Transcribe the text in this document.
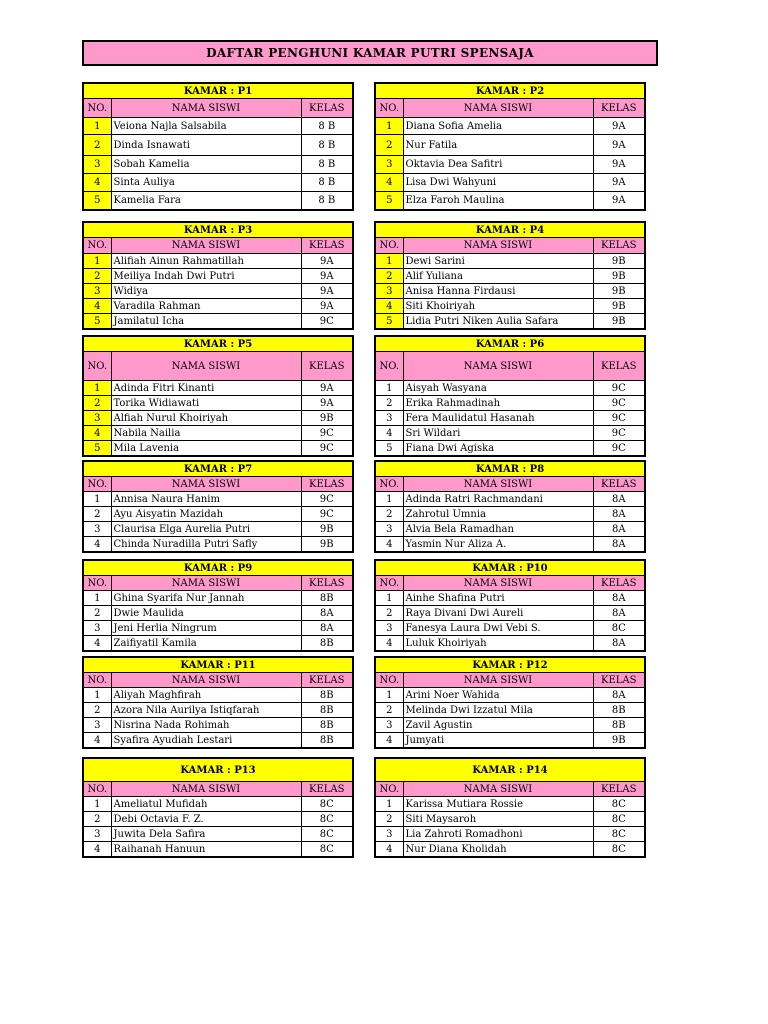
DAFTAR PENGHUNI KAMAR PUTRI SPENSAJA
KAMAR : P1		
NO.	NAMA SISWI	KELAS
1	Veiona Najla Salsabila	8 B
2	Dinda Isnawati	8 B
3	Sobah Kamelia	8 B
4	Sinta Auliya	8 B
5	Kamelia Fara	8 B
KAMAR : P2		
NO.	NAMA SISWI	KELAS
1	Diana Sofia Amelia	9A
2	Nur Fatila	9A
3	Oktavia Dea Safitri	9A
4	Lisa Dwi Wahyuni	9A
5	Elza Faroh Maulina	9A
KAMAR : P3		
NO.	NAMA SISWI	KELAS
1	Alifiah Ainun Rahmatillah	9A
2	Meiliya Indah Dwi Putri	9A
3	Widiya	9A
4	Varadila Rahman	9A
5	Jamilatul Icha	9C
KAMAR : P4		
NO.	NAMA SISWI	KELAS
1	Dewi Sarini	9B
2	Alif Yuliana	9B
3	Anisa Hanna Firdausi	9B
4	Siti Khoiriyah	9B
5	Lidia Putri Niken Aulia Safara	9B
KAMAR : P5		
NO.	NAMA SISWI	KELAS
1	Adinda Fitri Kinanti	9A
2	Torika Widiawati	9A
3	Alfiah Nurul Khoiriyah	9B
4	Nabila Nailia	9C
5	Mila Lavenia	9C
KAMAR : P6		
NO.	NAMA SISWI	KELAS
1	Aisyah Wasyana	9C
2	Erika Rahmadinah	9C
3	Fera Maulidatul Hasanah	9C
4	Sri Wildari	9C
5	Fiana Dwi Agiska	9C
KAMAR : P7		
NO.	NAMA SISWI	KELAS
1	Annisa Naura Hanim	9C
2	Ayu Aisyatin Mazidah	9C
3	Claurisa Elga Aurelia Putri	9B
4	Chinda Nuradilla Putri Safly	9B
KAMAR : P8		
NO.	NAMA SISWI	KELAS
1	Adinda Ratri Rachmandani	8A
2	Zahrotul Umnia	8A
3	Alvia Bela Ramadhan	8A
4	Yasmin Nur Aliza A.	8A
KAMAR : P9		
NO.	NAMA SISWI	KELAS
1	Ghina Syarifa Nur Jannah	8B
2	Dwie Maulida	8A
3	Jeni Herlia Ningrum	8A
4	Zaifiyatil Kamila	8B
KAMAR : P10		
NO.	NAMA SISWI	KELAS
1	Ainhe Shafina Putri	8A
2	Raya Divani Dwi Aureli	8A
3	Fanesya Laura Dwi Vebi S.	8C
4	Luluk Khoiriyah	8A
KAMAR : P11		
NO.	NAMA SISWI	KELAS
1	Aliyah Maghfirah	8B
2	Azora Nila Aurilya Istiqfarah	8B
3	Nisrina Nada Rohimah	8B
4	Syafira Ayudiah Lestari	8B
KAMAR : P12		
NO.	NAMA SISWI	KELAS
1	Arini Noer Wahida	8A
2	Melinda Dwi Izzatul Mila	8B
3	Zavil Agustin	8B
4	Jumyati	9B
KAMAR : P13		
NO.	NAMA SISWI	KELAS
1	Ameliatul Mufidah	8C
2	Debi Octavia F. Z.	8C
3	Juwita Dela Safira	8C
4	Raihanah Hanuun	8C
KAMAR : P14		
NO.	NAMA SISWI	KELAS
1	Karissa Mutiara Rossie	8C
2	Siti Maysaroh	8C
3	Lia Zahroti Romadhoni	8C
4	Nur Diana Kholidah	8C
